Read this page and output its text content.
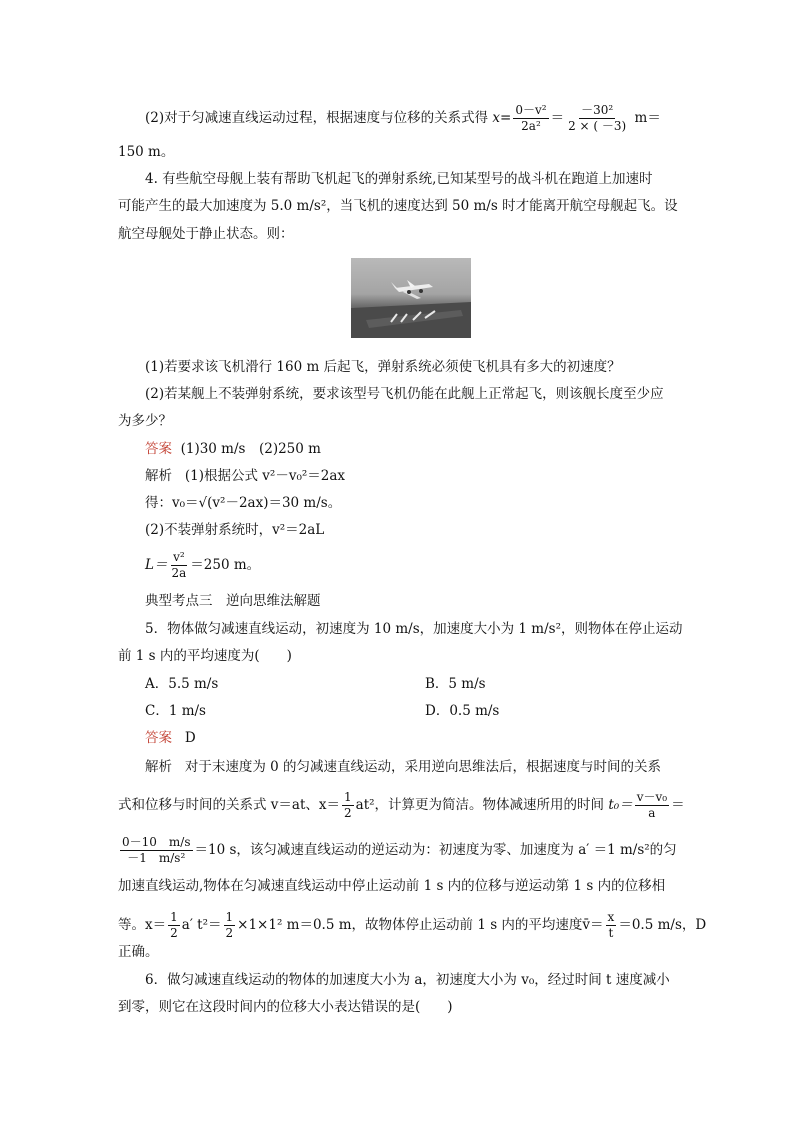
(2)对于匀减速直线运动过程，根据速度与位移的关系式得 $x= \frac{\text{0－v²}}{\text{2a²}} = \frac{\text{－30²}}{2 \times ( -3)} m=$
150 m。
4. 有些航空母舰上装有帮助飞机起飞的弹射系统,已知某型号的战斗机在跑道上加速时
可能产生的最大加速度为 5.0 m/s²，当飞机的速度达到 50 m/s 时才能离开航空母舰起飞。设
航空母舰处于静止状态。则：
(1)若要求该飞机滑行 160 m 后起飞，弹射系统必须使飞机具有多大的初速度？
(2)若某舰上不装弹射系统，要求该型号飞机仍能在此舰上正常起飞，则该舰长度至少应
为多少？
答案 (1)30 m/s　(2)250 m
解析 (1)根据公式 v²－v₀²＝2ax
得：v₀＝√(v²－2ax)＝30 m/s。
(2)不装弹射系统时，v²＝2aL
$L= \frac{\text{v²}}{2a} =250$ m。
典型考点三　逆向思维法解题
5．物体做匀减速直线运动，初速度为 10 m/s，加速度大小为 1 m/s²，则物体在停止运动
前 1 s 内的平均速度为(　　)
A．5.5 m/s	B．5 m/s
C．1 m/s	D．0.5 m/s
答案 D
解析 对于末速度为 0 的匀减速直线运动，采用逆向思维法后，根据速度与时间的关系
式和位移与时间的关系式 v＝at、$x= \frac{1}{2} at^2$，计算更为简洁。物体减速所用的时间 $t_0= \frac{\text{v－v₀}}{a}$ ＝
$\frac{0-10 m/s}{\text{－1　m/s²}} =10$ s，该匀减速直线运动的逆运动为：初速度为零、加速度为 a′ ＝1 m/s²的匀
加速直线运动,物体在匀减速直线运动中停止运动前 1 s 内的位移与逆运动第 1 s 内的位移相
等。$x= \frac{1}{2} a'$ $t^2= \frac{1}{2} \times 1\times 1^2$ m＝0.5 m，故物体停止运动前 1 s 内的平均速度v̄＝ $\frac{x}{t} =0.5$ m/s，D
正确。
6．做匀减速直线运动的物体的加速度大小为 a，初速度大小为 v₀，经过时间 t 速度减小
到零，则它在这段时间内的位移大小表达错误的是(　　)
